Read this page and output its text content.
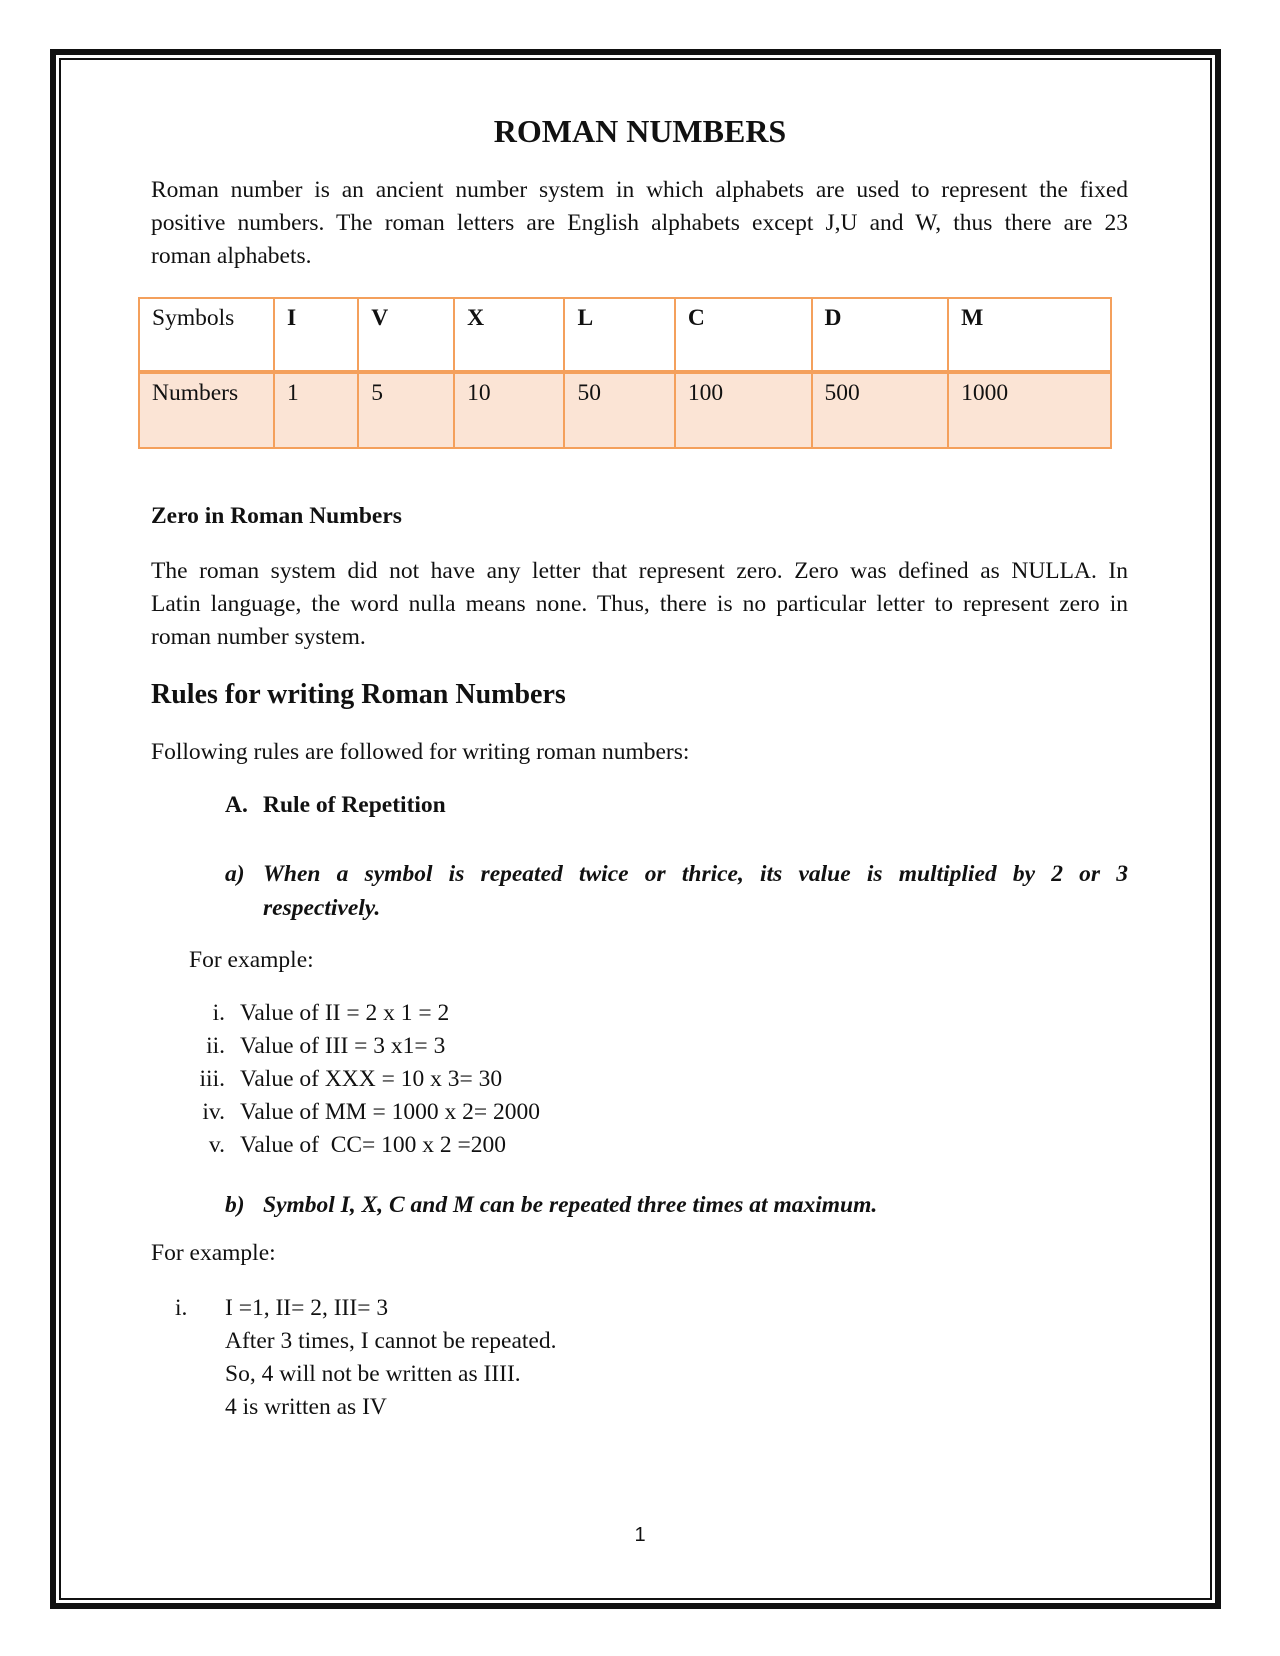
ROMAN NUMBERS
Roman number is an ancient number system in which alphabets are used to represent the fixed
positive numbers. The roman letters are English alphabets except J,U and W, thus there are 23
roman alphabets.
Symbols	I	V	X	L	C	D	M
Numbers	1	5	10	50	100	500	1000
Zero in Roman Numbers
The roman system did not have any letter that represent zero. Zero was defined as NULLA. In
Latin language, the word nulla means none. Thus, there is no particular letter to represent zero in
roman number system.
Rules for writing Roman Numbers
Following rules are followed for writing roman numbers:
A. Rule of Repetition
a) When a symbol is repeated twice or thrice, its value is multiplied by 2 or 3
respectively.
For example:
i. Value of II = 2 x 1 = 2
ii. Value of III = 3 x1= 3
iii. Value of XXX = 10 x 3= 30
iv. Value of MM = 1000 x 2= 2000
v. Value of  CC= 100 x 2 =200
b) Symbol I, X, C and M can be repeated three times at maximum.
For example:
i. I =1, II= 2, III= 3
After 3 times, I cannot be repeated.
So, 4 will not be written as IIII.
4 is written as IV
1
